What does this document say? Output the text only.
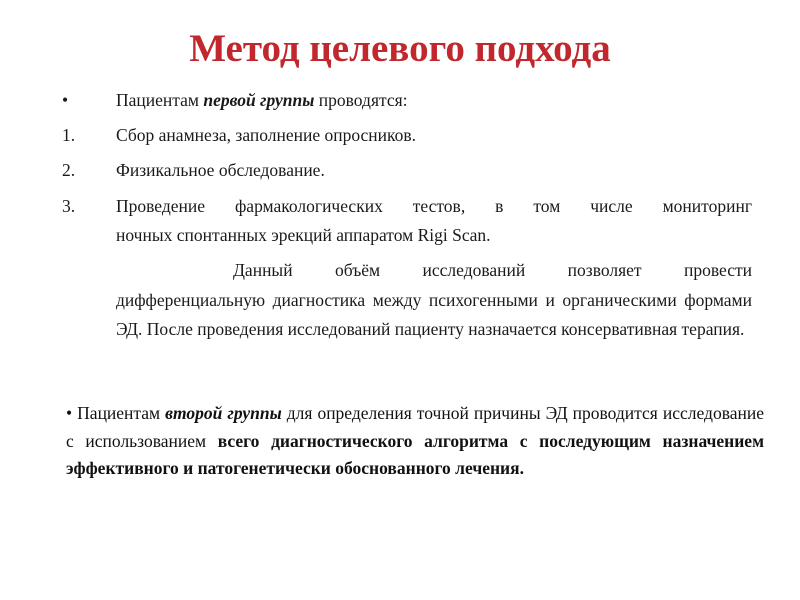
Метод целевого подхода
•	Пациентам первой группы проводятся:
1. Сбор анамнеза, заполнение опросников.
2. Физикальное обследование.
3. Проведение фармакологических тестов, в том числе мониторинг
ночных спонтанных эрекций аппаратом Rigi Scan.
Данный объём исследований позволяет провести дифференциальную диагностика между психогенными и органическими формами ЭД. После проведения исследований пациенту назначается консервативная терапия.
• Пациентам второй группы для определения точной причины ЭД проводится исследование с использованием всего диагностического алгоритма с последующим назначением эффективного и патогенетически обоснованного лечения.
